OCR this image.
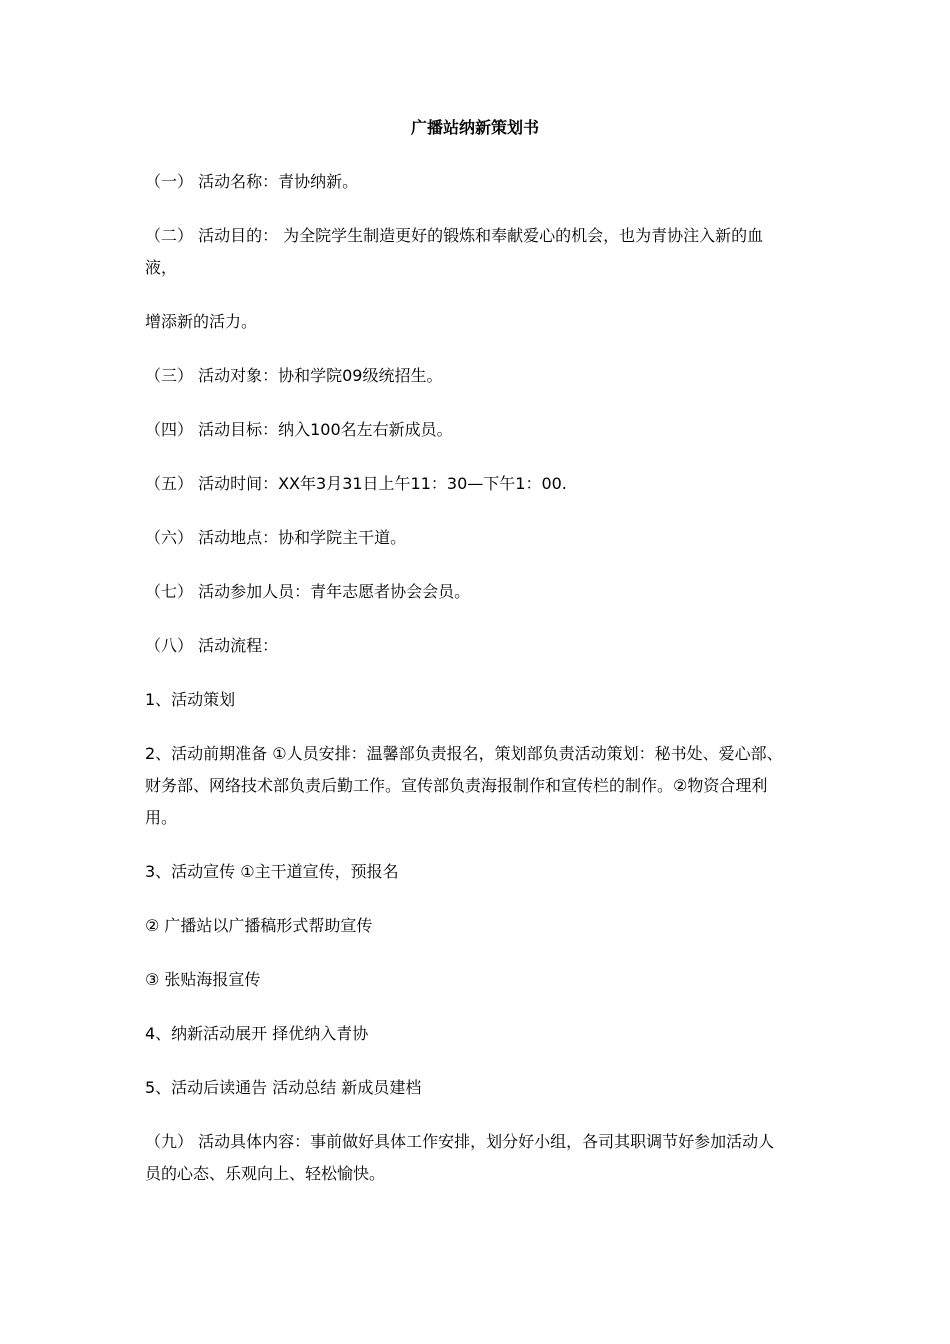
广播站纳新策划书
（一） 活动名称：青协纳新。
（二） 活动目的： 为全院学生制造更好的锻炼和奉献爱心的机会，也为青协注入新的血
液，
增添新的活力。
（三） 活动对象：协和学院09级统招生。
（四） 活动目标：纳入100名左右新成员。
（五） 活动时间：XX年3月31日上午11：30—下午1：00.
（六） 活动地点：协和学院主干道。
（七） 活动参加人员：青年志愿者协会会员。
（八） 活动流程：
1、活动策划
2、活动前期准备 ①人员安排：温馨部负责报名，策划部负责活动策划：秘书处、爱心部、
财务部、网络技术部负责后勤工作。宣传部负责海报制作和宣传栏的制作。②物资合理利
用。
3、活动宣传 ①主干道宣传，预报名
② 广播站以广播稿形式帮助宣传
③ 张贴海报宣传
4、纳新活动展开 择优纳入青协
5、活动后读通告 活动总结 新成员建档
（九） 活动具体内容：事前做好具体工作安排，划分好小组，各司其职调节好参加活动人
员的心态、乐观向上、轻松愉快。
